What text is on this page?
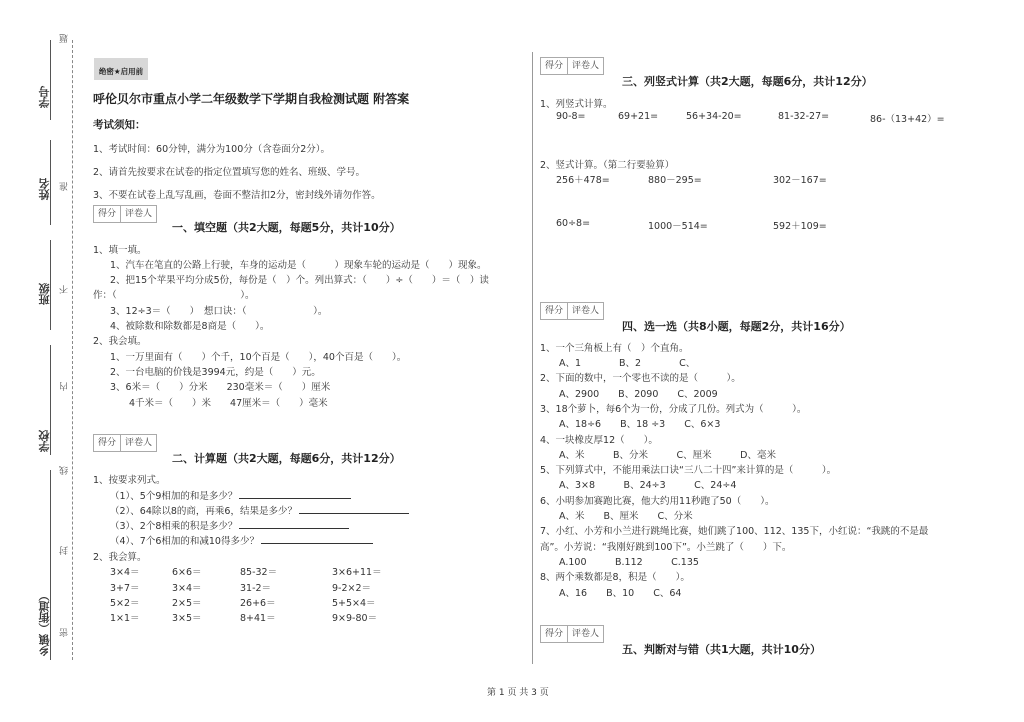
学号
姓名
班级
学校
乡镇（街道）
题
准
不
内
线
封
密
绝密★启用前
呼伦贝尔市重点小学二年级数学下学期自我检测试题 附答案
考试须知：
1、考试时间：60分钟，满分为100分（含卷面分2分）。
2、请首先按要求在试卷的指定位置填写您的姓名、班级、学号。
3、不要在试卷上乱写乱画，卷面不整洁扣2分，密封线外请勿作答。
得分	评卷人
一、填空题（共2大题，每题5分，共计10分）
1、填一填。
1、汽车在笔直的公路上行驶，车身的运动是（　　　）现象车轮的运动是（　　）现象。
2、把15个苹果平均分成5份，每份是（　）个。列出算式：（　　）÷（　　）＝（　）读
作：（　　　　　　　　　　　　　）。
3、12÷3＝（　　）　想口诀：（　　　　　　　）。
4、被除数和除数都是8商是（　　）。
2、我会填。
1、一万里面有（　　）个千，10个百是（　　），40个百是（　　）。
2、一台电脑的价钱是3994元，约是（　　）元。
3、6米＝（　　）分米　　230毫米＝（　　）厘米
　　4千米＝（　　）米　　47厘米＝（　　）毫米
得分	评卷人
二、计算题（共2大题，每题6分，共计12分）
1、按要求列式。
（1）、5个9相加的和是多少？
（2）、64除以8的商，再乘6，结果是多少？
（3）、2个8相乘的积是多少？
（4）、7个6相加的和减10得多少？
2、我会算。
3×4＝	6×6＝	85-32＝	3×6+11＝
3+7＝	3×4＝	31-2＝	9-2×2＝
5×2＝	2×5＝	26+6＝	5+5×4＝
1×1＝	3×5＝	8+41＝	9×9-80＝
得分	评卷人
三、列竖式计算（共2大题，每题6分，共计12分）
1、列竖式计算。
90-8=	69+21=	56+34-20=	81-32-27=	86-（13+42）=
2、竖式计算。（第二行要验算）
256＋478=	880－295=	302－167=
60÷8=	1000－514=	592＋109=
得分	评卷人
四、选一选（共8小题，每题2分，共计16分）
1、一个三角板上有（　）个直角。
　　A、1　　　　B、2　　　　C、
2、下面的数中，一个零也不读的是（　　　）。
　　A、2900　　B、2090　　C、2009
3、18个萝卜，每6个为一份，分成了几份。列式为（　　　）。
　　A、18÷6　　B、18 ÷3　　C、6×3
4、一块橡皮厚12（　　）。
　　A、米　　　B、分米　　　C、厘米　　　D、毫米
5、下列算式中，不能用乘法口诀“三八二十四”来计算的是（　　　）。
　　A、3×8　　　B、24÷3　　　C、24÷4
6、小明参加赛跑比赛，他大约用11秒跑了50（　　）。
　　A、米　　B、厘米　　C、分米
7、小红、小芳和小兰进行跳绳比赛，她们跳了100、112、135下，小红说：“我跳的不是最
高”。小芳说：“我刚好跳到100下”。小兰跳了（　　）下。
　　A.100　　　B.112　　　C.135
8、两个乘数都是8，积是（　　）。
　　A、16　　B、10　　C、64
得分	评卷人
五、判断对与错（共1大题，共计10分）
第 1 页 共 3 页
